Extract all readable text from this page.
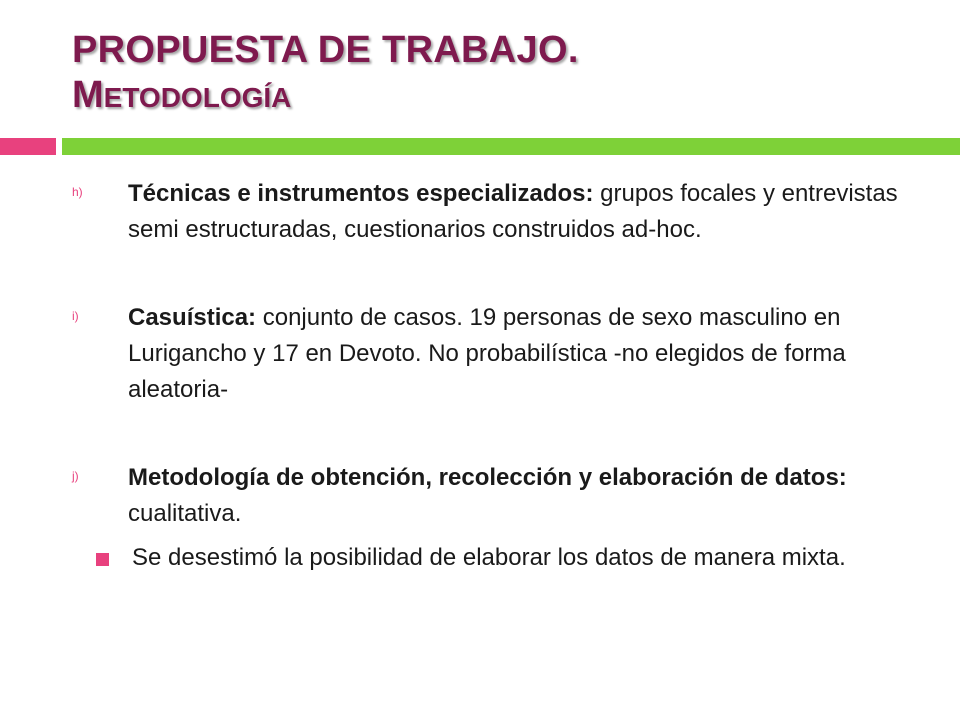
PROPUESTA DE TRABAJO.
METODOLOGÍA
h) Técnicas e instrumentos especializados: grupos focales y entrevistas semi estructuradas, cuestionarios construidos ad-hoc.
i) Casuística: conjunto de casos. 19 personas de sexo masculino en Lurigancho y 17 en Devoto. No probabilística -no elegidos de forma aleatoria-
j) Metodología de obtención, recolección y elaboración de datos: cualitativa.
Se desestimó la posibilidad de elaborar los datos de manera mixta.
